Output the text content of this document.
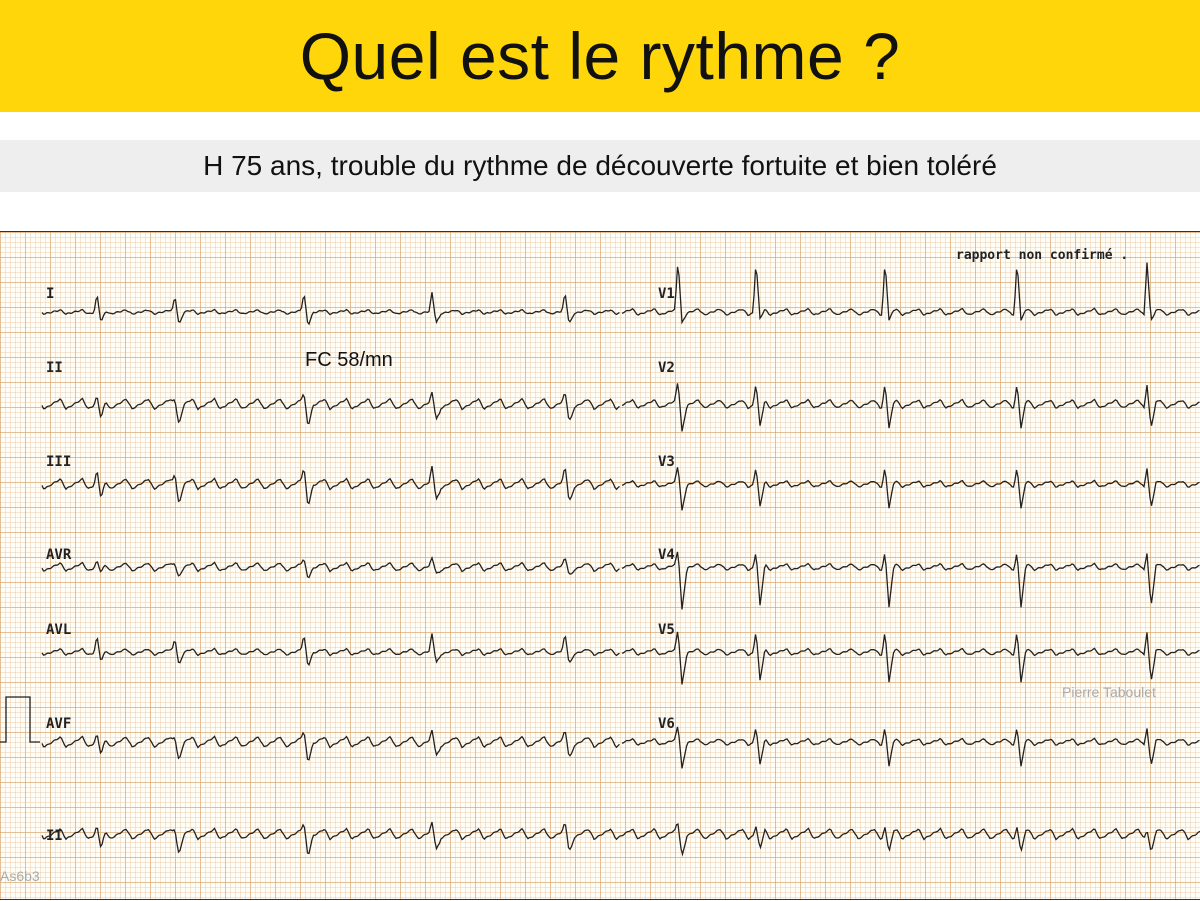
Quel est le rythme ?
H 75 ans, trouble du rythme de découverte fortuite et bien toléré
I
II
III
AVR
AVL
AVF
V1
V2
V3
V4
V5
V6
II
rapport non confirmé .
FC 58/mn
Pierre Taboulet
As6b3
